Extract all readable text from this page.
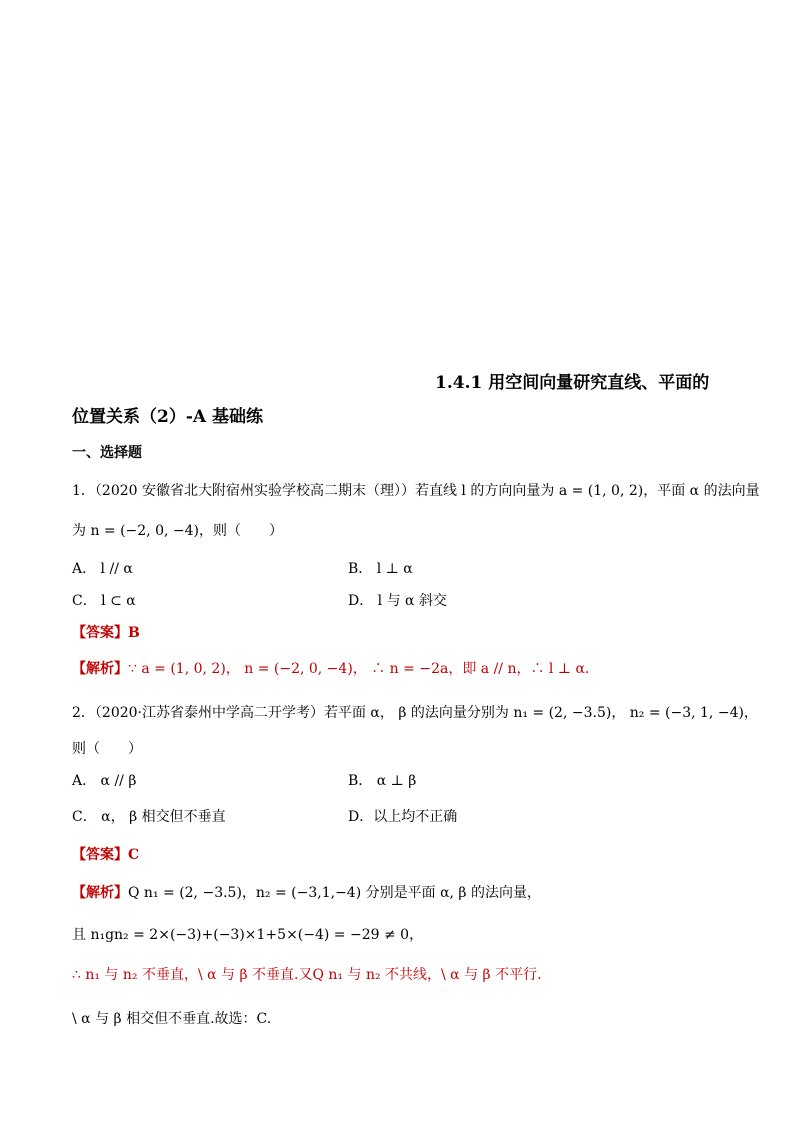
1.4.1 用空间向量研究直线、平面的
位置关系（2）-A 基础练
一、选择题
1．（2020 安徽省北大附宿州实验学校高二期末（理））若直线 l 的方向向量为 a = (1, 0, 2)，平面 α 的法向量
为 n = (−2, 0, −4)，则（　　）
A． l // α	B． l ⊥ α
C． l ⊂ α	D． l 与 α 斜交
【答案】B
【解析】∵ a = (1, 0, 2)， n = (−2, 0, −4)， ∴ n = −2a，即 a // n，∴ l ⊥ α.
2．（2020·江苏省泰州中学高二开学考）若平面 α， β 的法向量分别为 n₁ = (2, −3.5)， n₂ = (−3, 1, −4)，
则（　　）
A． α // β	B． α ⊥ β
C． α， β 相交但不垂直	D．以上均不正确
【答案】C
【解析】Q n₁ = (2, −3.5)，n₂ = (−3,1,−4) 分别是平面 α, β 的法向量，
且 n₁gn₂ = 2×(−3)+(−3)×1+5×(−4) = −29 ≠ 0，
∴ n₁ 与 n₂ 不垂直，\ α 与 β 不垂直.又Q n₁ 与 n₂ 不共线，\ α 与 β 不平行.
\ α 与 β 相交但不垂直.故选：C.
